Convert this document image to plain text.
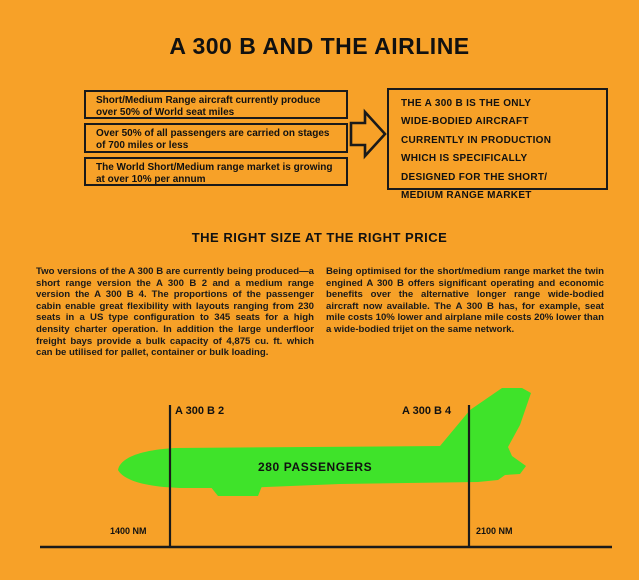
A 300 B AND THE AIRLINE
Short/Medium Range aircraft currently produce over 50% of World seat miles
Over 50% of all passengers are carried on stages of 700 miles or less
The World Short/Medium range market is growing at over 10% per annum
THE A 300 B IS THE ONLY
WIDE-BODIED AIRCRAFT
CURRENTLY IN PRODUCTION
WHICH IS SPECIFICALLY
DESIGNED FOR THE SHORT/
MEDIUM RANGE MARKET
THE RIGHT SIZE AT THE RIGHT PRICE
Two versions of the A 300 B are currently being produced—a short range version the A 300 B 2 and a medium range version the A 300 B 4. The proportions of the passenger cabin enable great flexibility with layouts ranging from 230 seats in a US type configuration to 345 seats for a high density charter operation. In addition the large underfloor freight bays provide a bulk capacity of 4,875 cu. ft. which can be utilised for pallet, container or bulk loading.
Being optimised for the short/medium range market the twin engined A 300 B offers significant operating and economic benefits over the alternative longer range wide-bodied aircraft now available. The A 300 B has, for example, seat mile costs 10% lower and airplane mile costs 20% lower than a wide-bodied trijet on the same network.
A 300 B 2	A 300 B 4
280 PASSENGERS
1400 NM	2100 NM
